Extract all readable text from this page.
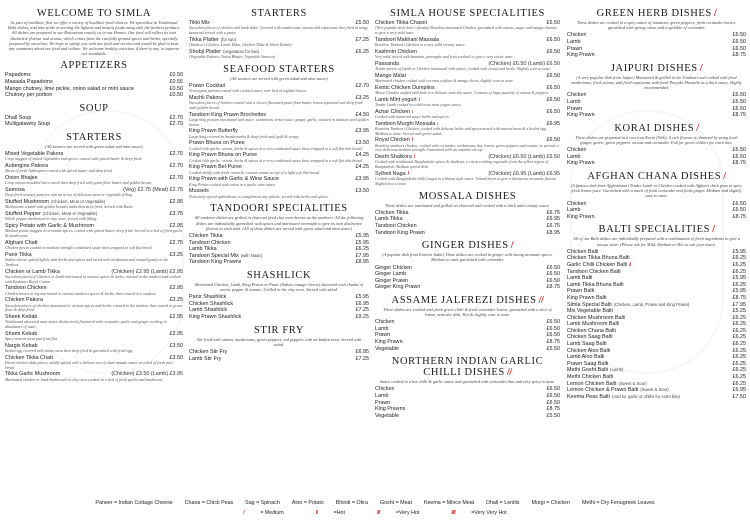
WELCOME TO SIMLA
As part of tradition, first we offer a variety of healthier food choices. We specialise in Traditional Balti dishes, and take pride in serving the lightest and tastiest foods using only the freshest produce. All dishes are prepared in our Restaurant exactly as in our Homes. Our food will reflect its own distinctive flavour and aroma, which comes from the carefully ground spices and herbs, specially prepared by ourselves. We hope to satisfy you with our food and service and would be glad to hear any comments about our food and culture. We welcome healthy criticism, if there is any, to improve our standards.
APPETIZERS
Papadoms	£0.50
Masaala Papadoms	£0.55
Mango chutney, lime pickle, onion salad or mint sauce	£0.50
Chutney per portion	£0.50
SOUP
Dhall Soup	£2.70
Mulligatawny Soup	£2.70
STARTERS
(All starters are served with green salad and mint sauce)
Mixed Vegetable Pakora	£2.70
Crisp nuggets of mixed vegetables and spices, coated with spiced batter & deep fried.
Aubergine Pakora	£2.70
Slices of fresh Aubergines coated with spiced batter and deep fried.
Onion Bhajee	£2.70
Crisp onions moulded into a mesh then deep fried with gram flour batter and golden brown.
Samosa	(Veg) £2.75 (Meat) £2.75
Deep fried savoury pastries with an array of delicious meat or vegetable filling.
Stuffed Mushroom (Chicken, Meat or Vegetable)	£2.95
Mushrooms coated with golden breadcrumbs then deep fried. Served with Raita
Stuffed Pepper (Chicken, Meat or Vegetable)	£3.75
Whole pepper barbecued in clay oven, served with filling.
Spicy Potato with Garlic & Mushroom	£2.95
Mashed potato nuggets in aromatic spices, coated with spiced batter, deep fried. Served in a bed of fried garlic & mushrooms.
Afghani Chatt	£2.75
Chicken pieces cooked in medium strength condensed sauce then wrapped in soft flat bread.
Panir Tikka	£3.25
Indian cheese spiced lightly with herbs and spices and laced with cardamom and roasted gently in the Tandoor.
Chicken or Lamb Tikka	(Chicken) £2.95 (Lamb) £2.95
Succulent pieces of Chicken or Lamb marinated in various spices & herbs, roasted in the tandoor and cooked with Kashmiri Royal Cumin.
Tandoori Chicken	£2.95
Chicken breast or leg marinated in various tandoori spices & herbs, then roasted in a tandoor.
Chicken Pakora	£3.25
Succulent pieces of chicken marinated in various spices and herbs, roasted in the tandoor then coated in gram flour & deep fried.
Sheek Kebab	£2.95
Traditional skewered meat mince distinctively flavoured with coriander, garlic and ginger cooking in abundance of taste.
Shami Kebab	£2.95
Spicy minced meat pan fried flat.
Nargis Kebab	£3.50
Boiled egg covered with mince meat then deep fried & garnished with fried egg.
Chicken Tikka Chatt	£3.50
Diced chicken tikka pieces, mildly spiced with a delicate use of chatt masala sauce on a bed of fresh puri bread.
Tikka Garlic Mushroom	(Chicken) £3.50 (Lamb) £3.95
Marinated chicken or lamb barbecued in clay oven cooked on a bed of fresh garlic and mushroom.
STARTERS
Tikki Mix	£5.50
Succulent pieces of chicken and lamb tikka. Covered with mushrooms, onions and capsicums then fried in tangy tamarind served with a puree.
Tikka Platter (for two)	£7.25
(Tandoori Chicken, Lamb Tikka, Chicken Tikka & Sheek Kebab)
Shobji Platter (vegetarian for two)	£6.25
(Vegetable Pakora, Onion Bhajee, Vegetable Samosa)
SEAFOOD STARTERS
(All starters are served with green salad and mint sauce)
Prawn Cocktail	£2.70
Norwegian prawns coated with cocktail sauce over bed of english lettuce.
Machli Pakora	£3.25
Succulent pieces of Salmon coated with a cloven flavoured gram flour batter, lemon squeezed and deep fried until golden brown.
Tandoori King Prawn Brochettes	£4.50
Large king prawns marinated with mace, cardamom, lemon juice, ginger, garlic, roasted in tandoor until golden brown.
King Prawn Butterfly	£3.95
Large king covered in breadcrumbs & deep fried until gold & crispy.
Prawn Bhuna on Puree	£3.50
Cooked with garlic, onions, herbs & spices in a very condensed sauce then wrapped in a soft flat thin bread.
King Prawn Bhuna on Puree	£4.25
Cooked with garlic, onions, herbs & spices in a very condensed sauce then wrapped in a soft flat thin bread.
King Prawn Bel-Puree	£4.25
Cooked mildly with fresh cream & coconut cream on top of a light soft thin bread.
King Prawn with Garlic & Wine Sauce	£3.95
King Prawn cooked with onion in a garlic wine sauce.
Mussels	£3.50
Delicately spiced aphrodisiac to complement any palette, served with herbs and spices.
TANDOORI SPECIALITIES
All tandoori dishes are grilled in charcoal fired clay oven known as the tandoori. All the following dishes are individually garnished with spices and marinated overnight to give its own distinctive flavour to each dish. (All of these dishes are served with green salad and mint sauce)
Chicken Tikka	£5.95
Tandoori Chicken	£5.95
Lamb Tikka	£6.25
Tandoori Special Mix (with Naan)	£7.95
Tandoori King Prawns	£8.95
SHASHLICK
Marinated Chicken, Lamb, King Prawn or Panir (Indian cottage cheese) skewered with chunks of onion, pepper & tomato. Grilled in the clay oven. Served with salad.
Panir Shashlick	£5.95
Chicken Shashlick	£6.95
Lamb Shashlick	£7.25
King Prawn Shashlick	£9.25
STIR FRY
Stir fried with onions, mushrooms, green peppers, red peppers with an Indian twist. Served with salad.
Chicken Stir Fry	£6.95
Lamb Stir Fry	£7.25
SIMLA HOUSE SPECIALITIES
Chicken Tikka Chasni	£6.50
(Very popular dish from Calcutta) Boneless marinated Chicken, garnished with onions, sugar and mango chutney to give a very mild taste.
Tandoori Makhani Massala	£6.50
Boneless Tandoori Chicken in a very mild creamy sauce.
Kashmiri Chicken	£6.50
Very mild, mixed with bananas, pineapple and fruit cocktail to give a very exotic taste.
Passanda	(Chicken) £6.50 (Lamb) £6.50
Tender pieces of Lamb or Chicken marinated with spices, cooked with cream and herbs. Slightly sour in taste.
Mango Malai	£6.50
Marinated chicken cooked with coconut yoghurt & mango slices, slightly sour in taste.
Exotic Chicken Dumplins	£6.50
Mince Chicken stuffed with fruit in a delicate semi dry sauce. Consists of huge quantity of onions & peppers.
Lamb Mint yogurt /	£6.50
Tender Lamb cooked in a delicious mint yogurt sauce.
Achar Chicken /	£6.50
Cooked with tamarind sauce herbs and spices.
Tandoori Murghi Mossala /	£6.95
Boneless Tandoori Chicken, cooked with delicate herbs and spices mixed with minced meat & a boiled egg. Medium to taste. Served with green salad.
Royal Chicken /	£6.50
Boneless tandoori chicken, cooked with coriander, cardamoms, bay leaves, green peppers and tomato, to provide a very delicious medium strength. Garnished with an omelette on top.
Deshi Shatkora /	(Chicken) £6.50 (Lamb) £6.50
Cooked with traditional Bangladeshi spices & shatkora, a citrus cooking vegetable from the sylhet region of Bangladesh. Medium spiced dish.
Sylheti Naga /	(Chicken) £6.95 (Lamb) £6.95
Cooked with Bangladeshi chilli (naga) in a bhuna style sauce. Tinned down to give a distinctive aromatic flavour. Slightly hot to taste.
MOSSALA DISHES
These dishes are marinated and grilled on charcoal and cooked with a thick mild creamy sauce.
Chicken Tikka	£6.75
Lamb Tikka	£6.95
Tandoori Chicken	£6.75
Tandoori King Prawn	£8.95
GINGER DISHES /
(A popular dish from Eastern India) These dishes are cooked in ginger with strong aromatic spices. Medium to taste garnished with coriander.
Ginger Chicken	£6.50
Ginger Lamb	£6.50
Ginger Prawn	£6.50
Ginger King Prawn	£8.75
ASSAME JALFREZI DISHES //
These dishes are cooked with fresh green chilli & fresh coriander leaves, garnished with a slice of lemon, semi dry dish. Hot & slightly sour to taste.
Chicken	£6.50
Lamb	£6.50
Prawn	£6.50
King Prawn	£8.75
Vegetable	£5.50
NORTHERN INDIAN GARLIC CHILLI DISHES //
Sauce cooked in a hot chilli & garlic sauce and garnished with coriander thus and very spicy to taste.
Chicken	£6.50
Lamb	£6.50
Prawn	£6.50
King Prawns	£8.75
Vegetable	£5.50
GREEN HERB DISHES /
These dishes are cooked in a spicy sauce of tomatoes, green peppers, fresh coriander leaves, garnished with spring onion and a sprinkle of coriander.
Chicken	£6.50
Lamb	£6.50
Prawn	£6.50
King Prawn	£8.75
JAIPURI DISHES /
(A very popular dish from Jaipur) Marinated & grilled in the Tandoori and cooked with fried mushrooms, fried onions, and fried capsicums with fresh Punjabi Mossalla in a thick sauce. Highly recommended.
Chicken	£6.50
Lamb	£6.50
Prawn	£6.50
King Prawn	£8.75
KORAI DISHES /
These dishes are prepared in a cast iron Korai (Wok). A rich flavour is obtained by using fresh ginger, garlic, green peppers, onions and coriander. Fab for green chillies for extra bite.
Chicken	£6.50
Lamb	£6.50
King Prawn	£8.75
AFGHAN CHANA DISHES /
(A famous dish from Afghanistan) Tender Lamb or Chicken cooked with Afghani chick peas in spicy fresh lemon juice. Garnished with a touch of fresh coriander and fresh ginger. Medium and slightly sour to taste.
Chicken	£6.50
Lamb	£6.50
King Prawn	£8.75
BALTI SPECIALITIES /
All of our Balti dishes are individually prepared with a combination of fresh ingredients to give a unique taste. (Please ask for Mild, Medium or Hot to suit your taste).
Chicken Balti	£5.95
Chicken Tikka Bhuna Balti	£6.25
Garlic Chilli Chicken Balti //	£6.25
Tandoori Chicken Balti	£6.25
Lamb Balti	£5.95
Lamb Tikka Bhuna Balti	£6.25
Prawn Balti	£5.95
King Prawn Balti	£8.75
Simla Special Balti (Chicken, Lamb, Prawn and King Prawn)	£7.95
Mix Vegetable Balti	£5.25
Chicken Mushroom Balti	£6.25
Lamb Mushroom Balti	£6.25
Chicken Chana Balti	£6.25
Chicken Saag Balti	£6.25
Lamb Saag Balti	£6.25
Chicken Aloo Balti	£6.25
Lamb Aloo Balti	£6.25
Prawn Saag Balti	£6.25
Methi Gosht Balti (Lamb)	£6.25
Methi Chicken Balti	£6.25
Lemon Chicken Balti (Sweet & Sour)	£6.25
Lemon Chicken & Prawn Balti (Sweet & Sour)	£6.95
Keema Peas Balti (Add for garlic or chillis for extra bite)	£7.50
Paneer = Indian Cottage Cheese Chana = Chick Peas Sag = Spinach Aloo = Potato Bhindi = Okra Gosht = Meat Keema = Mince Meat Dhall = Lentils Murgi = Chicken Methi = Dry Fenugreek Leaves
/	= Medium	//	=Hot	///	=Very Hot	////	=Very Very Hot
